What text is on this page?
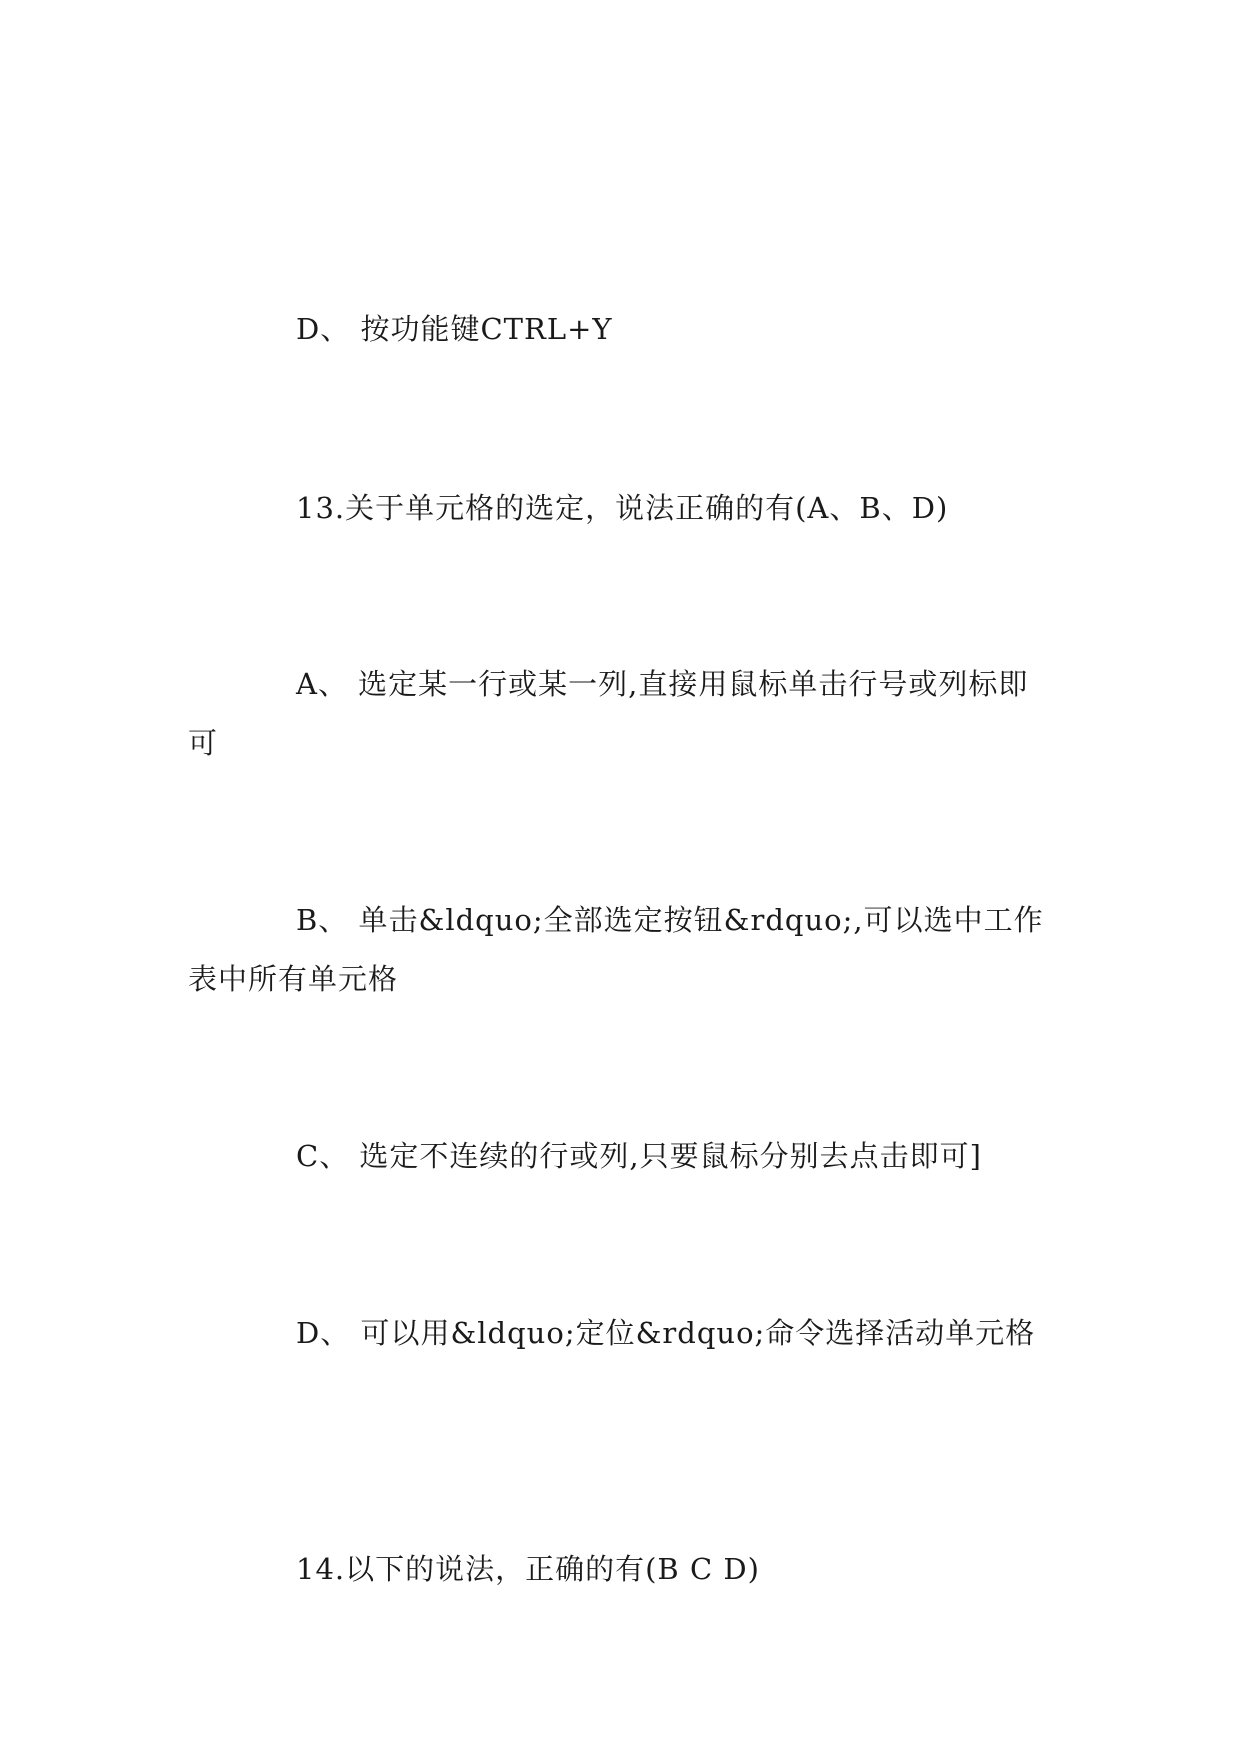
D、 按功能键CTRL+Y

13.关于单元格的选定，说法正确的有(A、B、D)

A、 选定某一行或某一列,直接用鼠标单击行号或列标即可

B、 单击&ldquo;全部选定按钮&rdquo;,可以选中工作表中所有单元格

C、 选定不连续的行或列,只要鼠标分别去点击即可]

D、 可以用&ldquo;定位&rdquo;命令选择活动单元格

14.以下的说法，正确的有(B C D)
